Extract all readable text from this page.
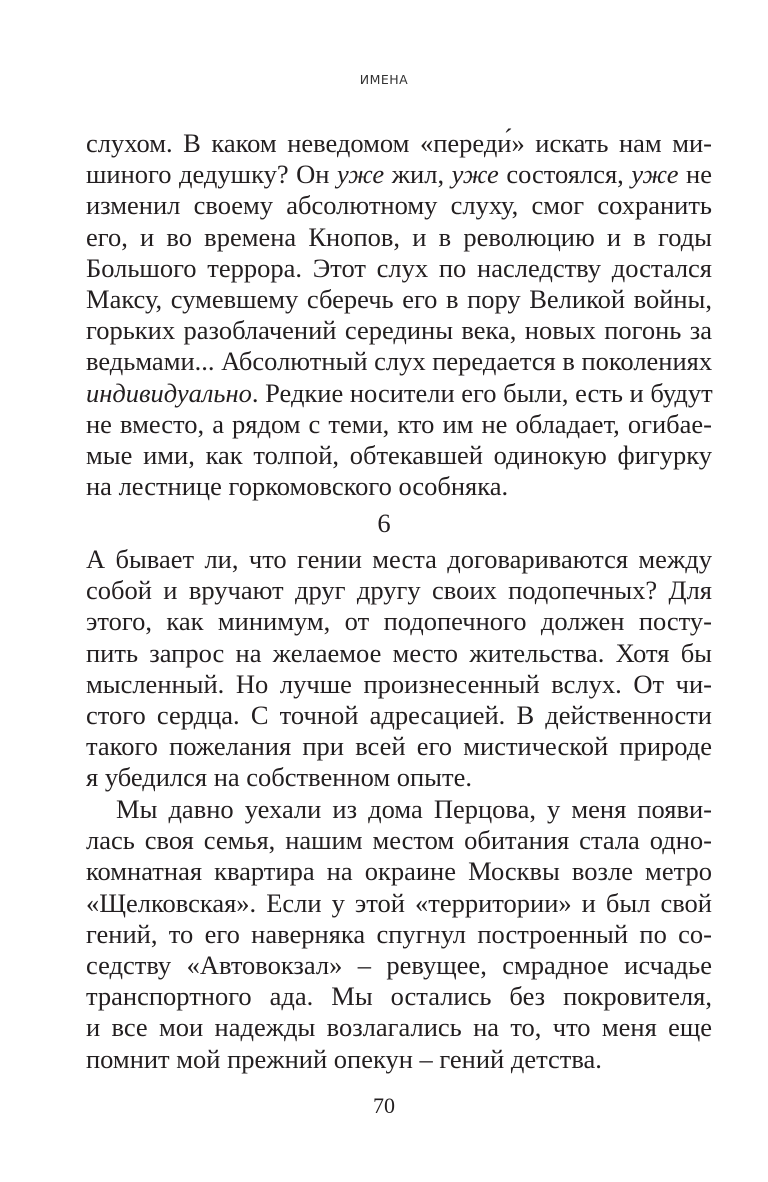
ИМЕНА
слухом. В каком неведомом «переди́» искать нам ми-
шиного дедушку? Он уже жил, уже состоялся, уже не
изменил своему абсолютному слуху, смог сохранить
его, и во времена Кнопов, и в революцию и в годы
Большого террора. Этот слух по наследству достался
Максу, сумевшему сберечь его в пору Великой войны,
горьких разоблачений середины века, новых погонь за
ведьмами... Абсолютный слух передается в поколениях
индивидуально. Редкие носители его были, есть и будут
не вместо, а рядом с теми, кто им не обладает, огибае-
мые ими, как толпой, обтекавшей одинокую фигурку
на лестнице горкомовского особняка.
6
А бывает ли, что гении места договариваются между
собой и вручают друг другу своих подопечных? Для
этого, как минимум, от подопечного должен посту-
пить запрос на желаемое место жительства. Хотя бы
мысленный. Но лучше произнесенный вслух. От чи-
стого сердца. С точной адресацией. В действенности
такого пожелания при всей его мистической природе
я убедился на собственном опыте.
Мы давно уехали из дома Перцова, у меня появи-
лась своя семья, нашим местом обитания стала одно-
комнатная квартира на окраине Москвы возле метро
«Щелковская». Если у этой «территории» и был свой
гений, то его наверняка спугнул построенный по со-
седству «Автовокзал» – ревущее, смрадное исчадье
транспортного ада. Мы остались без покровителя,
и все мои надежды возлагались на то, что меня еще
помнит мой прежний опекун – гений детства.
70
